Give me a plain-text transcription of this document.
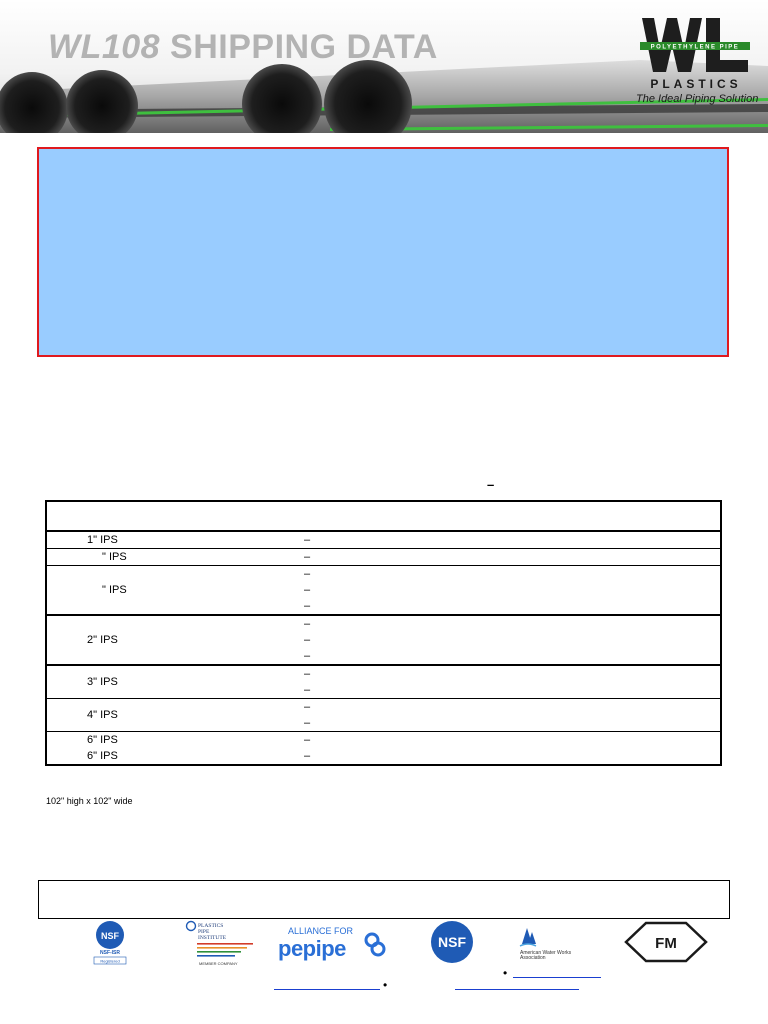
WL108 SHIPPING DATA	POLYETHYLENE PIPE
PLASTICS
The Ideal Piping Solution
–

1" IPS	–

" IPS	–

" IPS	–
–
–

2" IPS	–
–
–

3" IPS	–
–

4" IPS	–
–

6" IPS	–

6" IPS	–
102" high x 102" wide
NSF
NSF-ISR
Registered
PLASTICS
PIPE
INSTITUTE
MEMBER COMPANY
ALLIANCE FOR
pepipe	NSF
American Water Works
Association
FM
•
•
